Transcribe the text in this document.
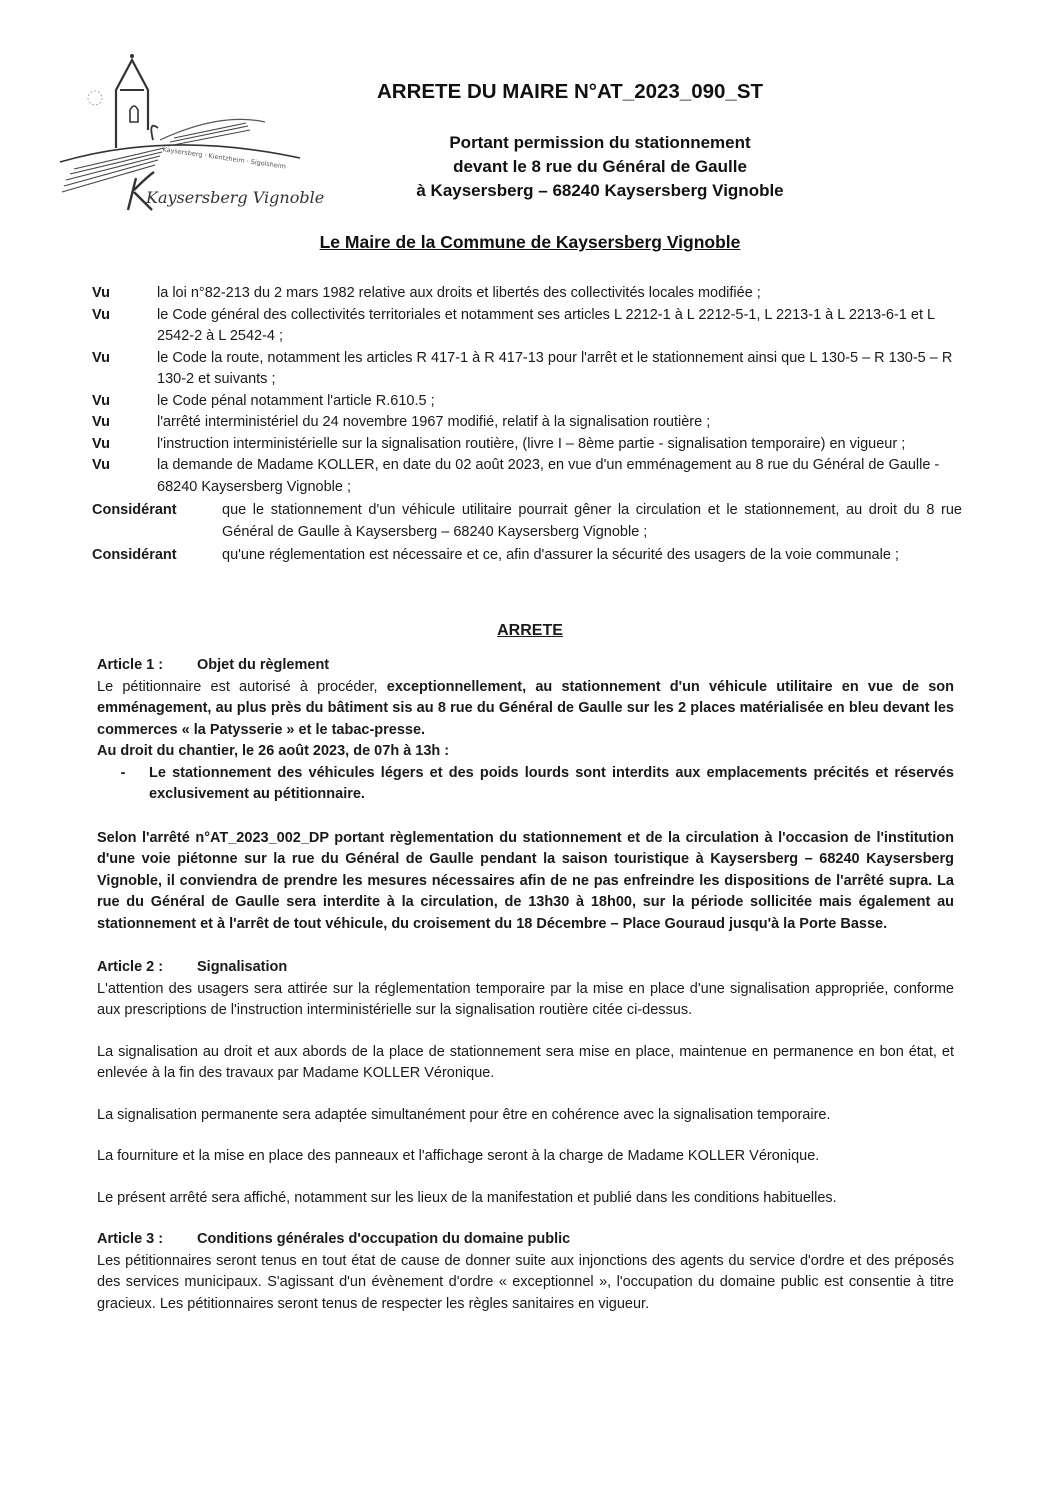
Kaysersberg · Kientzheim · Sigolsheim
Kaysersberg Vignoble
ARRETE DU MAIRE N°AT_2023_090_ST
Portant permission du stationnement
devant le 8 rue du Général de Gaulle
à Kaysersberg – 68240 Kaysersberg Vignoble
Le Maire de la Commune de Kaysersberg Vignoble
Vu	la loi n°82-213 du 2 mars 1982 relative aux droits et libertés des collectivités locales modifiée ;
Vu	le Code général des collectivités territoriales et notamment ses articles L 2212-1 à L 2212-5-1, L 2213-1 à L 2213-6-1 et L 2542-2 à L 2542-4 ;
Vu	le Code la route, notamment les articles R 417-1 à R 417-13 pour l'arrêt et le stationnement ainsi que L 130-5 – R 130-5 – R 130-2 et suivants ;
Vu	le Code pénal notamment l'article R.610.5 ;
Vu	l'arrêté interministériel du 24 novembre 1967 modifié, relatif à la signalisation routière ;
Vu	l'instruction interministérielle sur la signalisation routière, (livre I – 8ème partie - signalisation temporaire) en vigueur ;
Vu	la demande de Madame KOLLER, en date du 02 août 2023, en vue d'un emménagement au 8 rue du Général de Gaulle - 68240 Kaysersberg Vignoble ;
Considérant	que le stationnement d'un véhicule utilitaire pourrait gêner la circulation et le stationnement, au droit du 8 rue Général de Gaulle à Kaysersberg – 68240 Kaysersberg Vignoble ;
Considérant	qu'une réglementation est nécessaire et ce, afin d'assurer la sécurité des usagers de la voie communale ;
ARRETE
Article 1 :	Objet du règlement
Le pétitionnaire est autorisé à procéder, exceptionnellement, au stationnement d'un véhicule utilitaire en vue de son emménagement, au plus près du bâtiment sis au 8 rue du Général de Gaulle sur les 2 places matérialisée en bleu devant les commerces « la Patysserie » et le tabac-presse.
Au droit du chantier, le 26 août 2023, de 07h à 13h :
-	Le stationnement des véhicules légers et des poids lourds sont interdits aux emplacements précités et réservés exclusivement au pétitionnaire.
Selon l'arrêté n°AT_2023_002_DP portant règlementation du stationnement et de la circulation à l'occasion de l'institution d'une voie piétonne sur la rue du Général de Gaulle pendant la saison touristique à Kaysersberg – 68240 Kaysersberg Vignoble, il conviendra de prendre les mesures nécessaires afin de ne pas enfreindre les dispositions de l'arrêté supra. La rue du Général de Gaulle sera interdite à la circulation, de 13h30 à 18h00, sur la période sollicitée mais également au stationnement et à l'arrêt de tout véhicule, du croisement du 18 Décembre – Place Gouraud jusqu'à la Porte Basse.
Article 2 :	Signalisation
L'attention des usagers sera attirée sur la réglementation temporaire par la mise en place d'une signalisation appropriée, conforme aux prescriptions de l'instruction interministérielle sur la signalisation routière citée ci-dessus.
La signalisation au droit et aux abords de la place de stationnement sera mise en place, maintenue en permanence en bon état, et enlevée à la fin des travaux par Madame KOLLER Véronique.
La signalisation permanente sera adaptée simultanément pour être en cohérence avec la signalisation temporaire.
La fourniture et la mise en place des panneaux et l'affichage seront à la charge de Madame KOLLER Véronique.
Le présent arrêté sera affiché, notamment sur les lieux de la manifestation et publié dans les conditions habituelles.
Article 3 :	Conditions générales d'occupation du domaine public
Les pétitionnaires seront tenus en tout état de cause de donner suite aux injonctions des agents du service d'ordre et des préposés des services municipaux. S'agissant d'un évènement d'ordre « exceptionnel », l'occupation du domaine public est consentie à titre gracieux. Les pétitionnaires seront tenus de respecter les règles sanitaires en vigueur.
